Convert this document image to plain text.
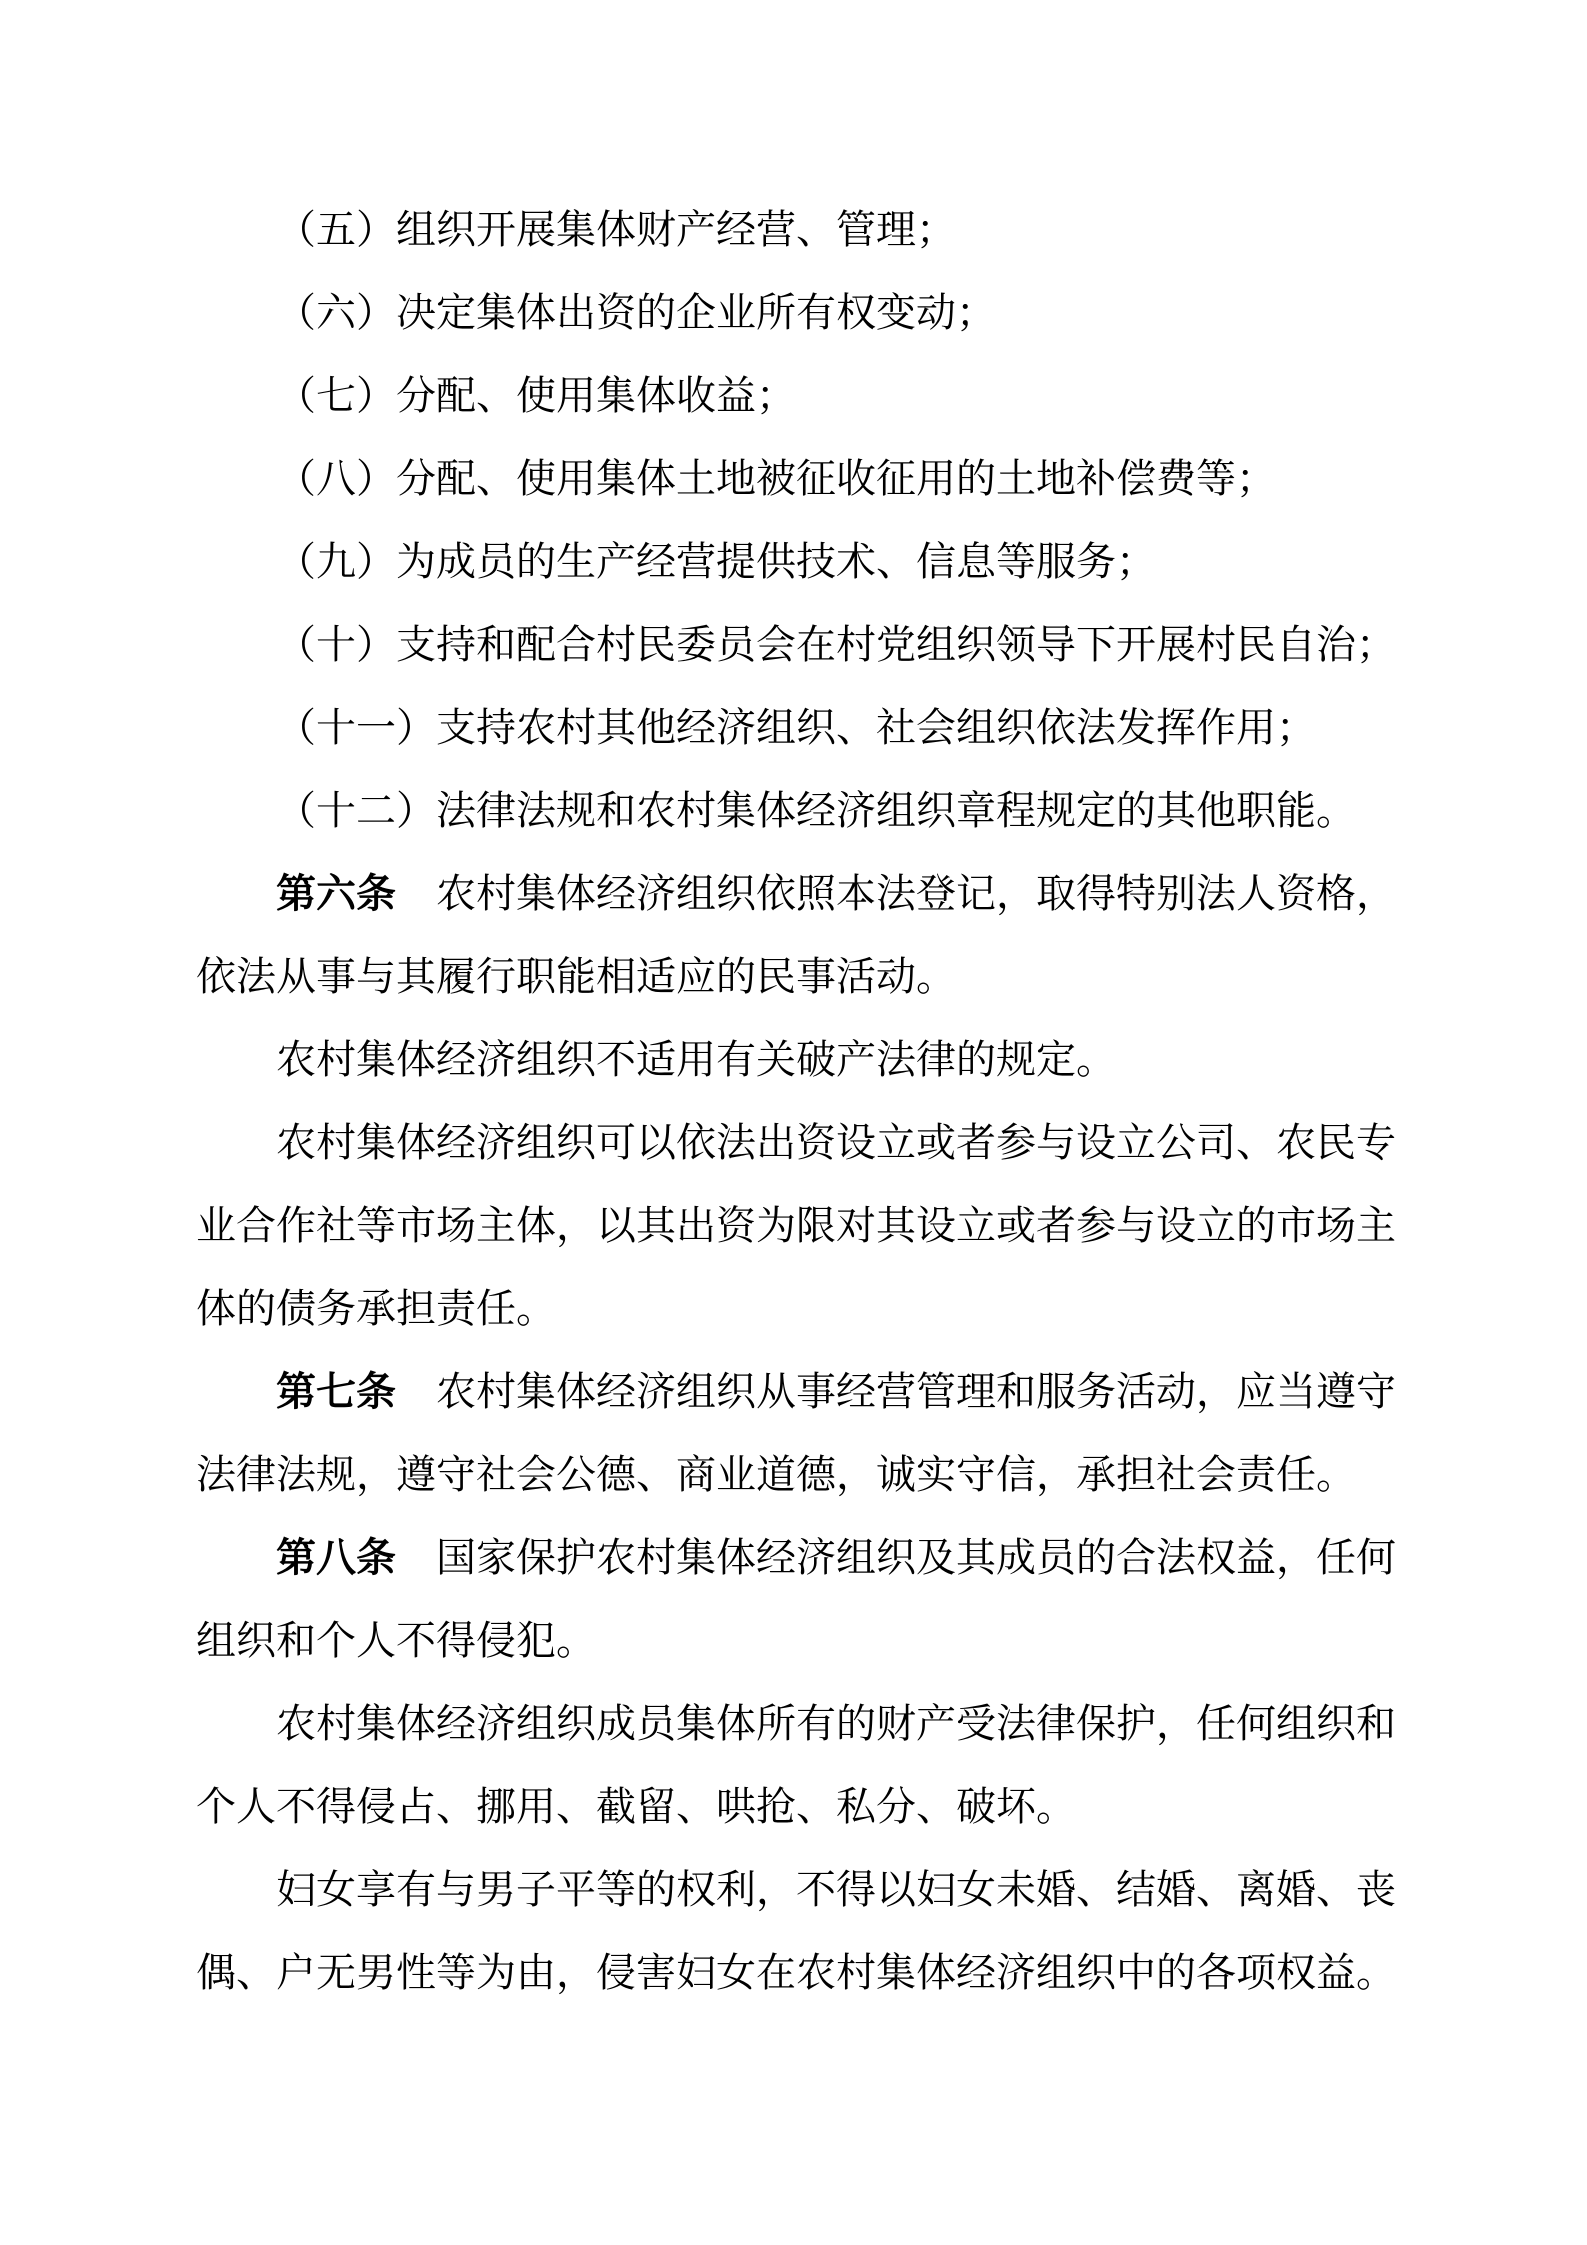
（五）组织开展集体财产经营、管理；
（六）决定集体出资的企业所有权变动；
（七）分配、使用集体收益；
（八）分配、使用集体土地被征收征用的土地补偿费等；
（九）为成员的生产经营提供技术、信息等服务；
（十）支持和配合村民委员会在村党组织领导下开展村民自治；
（十一）支持农村其他经济组织、社会组织依法发挥作用；
（十二）法律法规和农村集体经济组织章程规定的其他职能。
第六条　农村集体经济组织依照本法登记，取得特别法人资格，
依法从事与其履行职能相适应的民事活动。
农村集体经济组织不适用有关破产法律的规定。
农村集体经济组织可以依法出资设立或者参与设立公司、农民专
业合作社等市场主体，以其出资为限对其设立或者参与设立的市场主
体的债务承担责任。
第七条　农村集体经济组织从事经营管理和服务活动，应当遵守
法律法规，遵守社会公德、商业道德，诚实守信，承担社会责任。
第八条　国家保护农村集体经济组织及其成员的合法权益，任何
组织和个人不得侵犯。
农村集体经济组织成员集体所有的财产受法律保护，任何组织和
个人不得侵占、挪用、截留、哄抢、私分、破坏。
妇女享有与男子平等的权利，不得以妇女未婚、结婚、离婚、丧
偶、户无男性等为由，侵害妇女在农村集体经济组织中的各项权益。
